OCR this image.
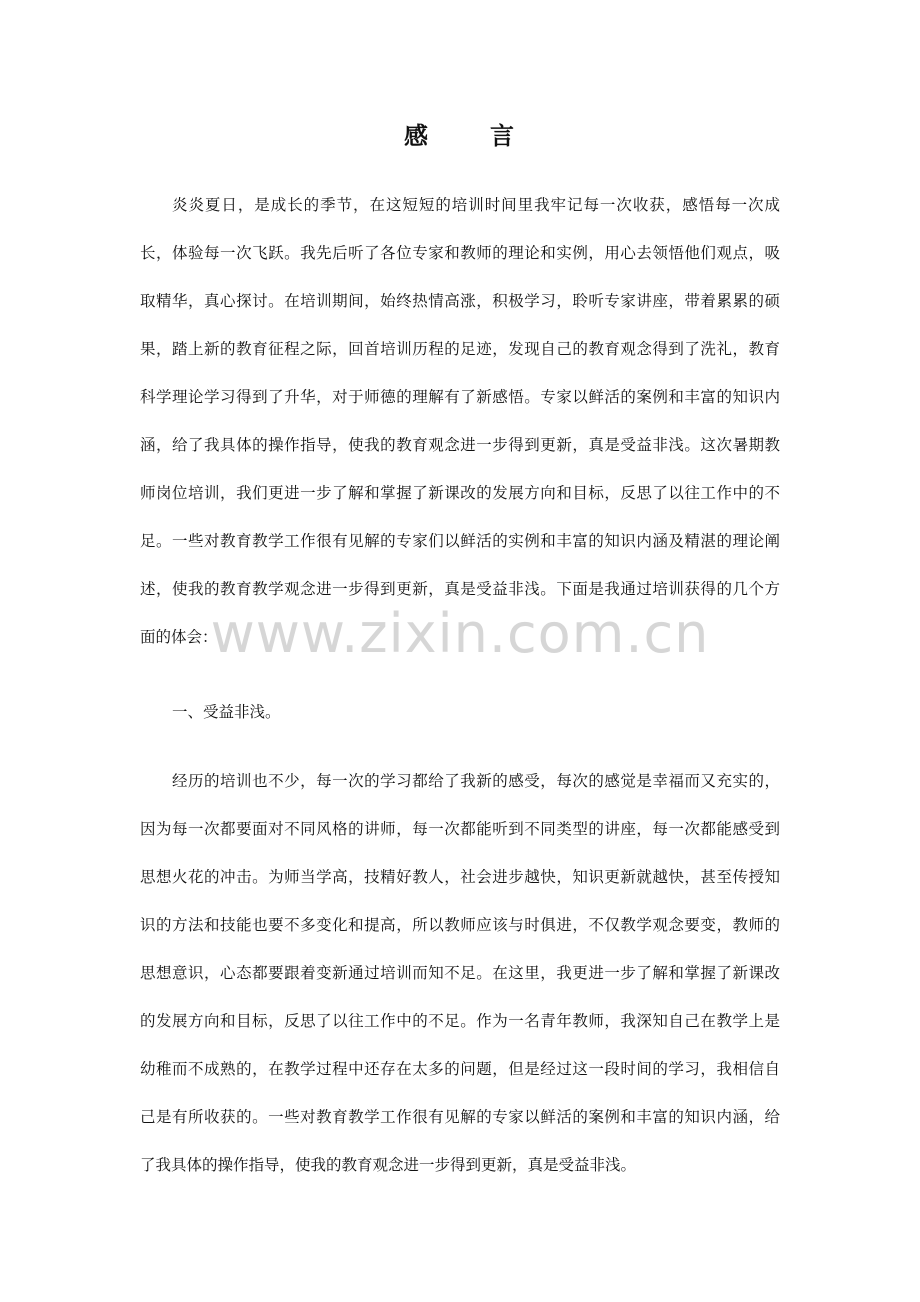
感	言
炎炎夏日，是成长的季节，在这短短的培训时间里我牢记每一次收获，感悟每一次成
长，体验每一次飞跃。我先后听了各位专家和教师的理论和实例，用心去领悟他们观点，吸
取精华，真心探讨。在培训期间，始终热情高涨，积极学习，聆听专家讲座，带着累累的硕
果，踏上新的教育征程之际，回首培训历程的足迹，发现自己的教育观念得到了洗礼，教育
科学理论学习得到了升华，对于师德的理解有了新感悟。专家以鲜活的案例和丰富的知识内
涵，给了我具体的操作指导，使我的教育观念进一步得到更新，真是受益非浅。这次暑期教
师岗位培训，我们更进一步了解和掌握了新课改的发展方向和目标，反思了以往工作中的不
足。一些对教育教学工作很有见解的专家们以鲜活的实例和丰富的知识内涵及精湛的理论阐
述，使我的教育教学观念进一步得到更新，真是受益非浅。下面是我通过培训获得的几个方
面的体会：
www.zixin.com.cn
一、受益非浅。
经历的培训也不少，每一次的学习都给了我新的感受，每次的感觉是幸福而又充实的，
因为每一次都要面对不同风格的讲师，每一次都能听到不同类型的讲座，每一次都能感受到
思想火花的冲击。为师当学高，技精好教人，社会进步越快，知识更新就越快，甚至传授知
识的方法和技能也要不多变化和提高，所以教师应该与时俱进，不仅教学观念要变，教师的
思想意识，心态都要跟着变新通过培训而知不足。在这里，我更进一步了解和掌握了新课改
的发展方向和目标，反思了以往工作中的不足。作为一名青年教师，我深知自己在教学上是
幼稚而不成熟的，在教学过程中还存在太多的问题，但是经过这一段时间的学习，我相信自
己是有所收获的。一些对教育教学工作很有见解的专家以鲜活的案例和丰富的知识内涵，给
了我具体的操作指导，使我的教育观念进一步得到更新，真是受益非浅。
